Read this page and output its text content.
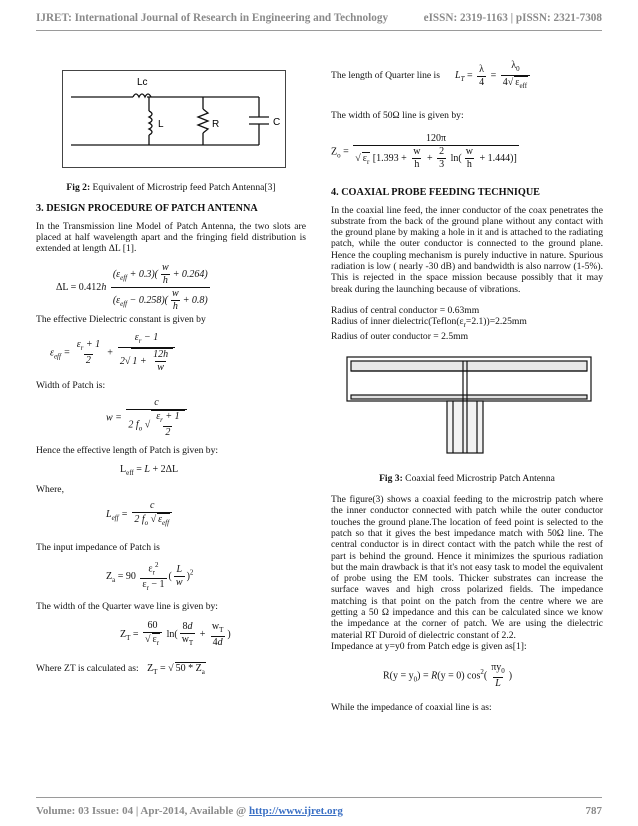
IJRET: International Journal of Research in Engineering and Technology	eISSN: 2319-1163 | pISSN: 2321-7308
Lc
L	R	C
Fig 2: Equivalent of Microstrip feed Patch Antenna[3]

3. DESIGN PROCEDURE OF PATCH ANTENNA

In the Transmission line Model of Patch Antenna, the two slots are placed at half wavelength apart and the fringing field distribution is extended at length ΔL [1].

$\Delta L = 0.412h \frac{(\varepsilon_{eff} + 0.3)( \frac{w}{h} + 0.264)}{(\varepsilon_{eff} - 0.258)( \frac{w}{h} + 0.8)}$

The effective Dielectric constant is given by

$\varepsilon_{eff} = \frac{\varepsilon_r + 1}{2} + \frac{\varepsilon_r - 1}{2√ 1 + \frac{12h}{w}}$

Width of Patch is:

$w = \frac{c}{2 f_o √ \frac{\varepsilon_r + 1}{2}}$

Hence the effective length of Patch is given by:

$L_{eff} = L + 2\Delta L$

Where,

$L_{eff} = \frac{c}{2 f_o √ \varepsilon_{eff}}$

The input impedance of Patch is

$Z_a = 90 \frac{\varepsilon_r^2}{\varepsilon_r - 1}$ ( $\frac{L}{w} )^2$

The width of the Quarter wave line is given by:

$Z_T = \frac{60}{√ \varepsilon_r} \ln( \frac{8d}{w_T} + \frac{w_T}{4d}$ )

Where ZT is calculated as: $Z_T$ = √ $50 * Z_a$

The length of Quarter line is $L_T = \frac{\lambda}{4} = \frac{\lambda_0}{4√ \varepsilon_{eff}}$

The width of 50Ω line is given by:

$Z_o = \frac{120\pi}{√ \varepsilon_r [1.393 + \frac{w}{h} + \frac{2}{3} \ln( \frac{w}{h} + 1.444)]}$

4. COAXIAL PROBE FEEDING TECHNIQUE

In the coaxial line feed, the inner conductor of the coax penetrates the substrate from the back of the ground plane without any contact with the ground plane by making a hole in it and is attached to the radiating patch, while the outer conductor is connected to the ground plane. Hence the coupling mechanism is purely inductive in nature. Spurious radiation is low ( nearly -30 dB) and bandwidth is also narrow (1-5%). This is rejected in the space mission because possibly that it may break during the launching because of vibrations.

Radius of central conductor = 0.63mm

Radius of inner $dielectric(Teflon(\varepsilon_r=2.1))=2.25mm$

Radius of outer conductor = 2.5mm

Fig 3: Coaxial feed Microstrip Patch Antenna

The figure(3) shows a coaxial feeding to the microstrip patch where the inner conductor connected with patch while the outer conductor touches the ground plane.The location of feed point is selected to the patch so that it gives the best impedance match with 50Ω line. The central conductor is in direct contact with the patch while the rest of part is behind the ground. Hence it minimizes the spurious radiation but the main drawback is that it's not easy task to model the equivalent of probe using the EM tools. Thicker substrates can increase the surface waves and high cross polarized fields. The impedance matching is that point on the patch from the centre where we are getting a 50 Ω impedance and this can be calculated since we know the impedance at the corner of patch. We are using the dielectric material RT Duroid of dielectric constant of 2.2.

Impedance at y=y0 from Patch edge is given as[1]:

$R(y = y_0) = R(y = 0)$ $\cos^2( \frac{\pi y_0}{L}$ )

While the impedance of coaxial line is as:

Volume: 03 Issue: 04 | Apr-2014, Available @ http://www.ijret.org	787
